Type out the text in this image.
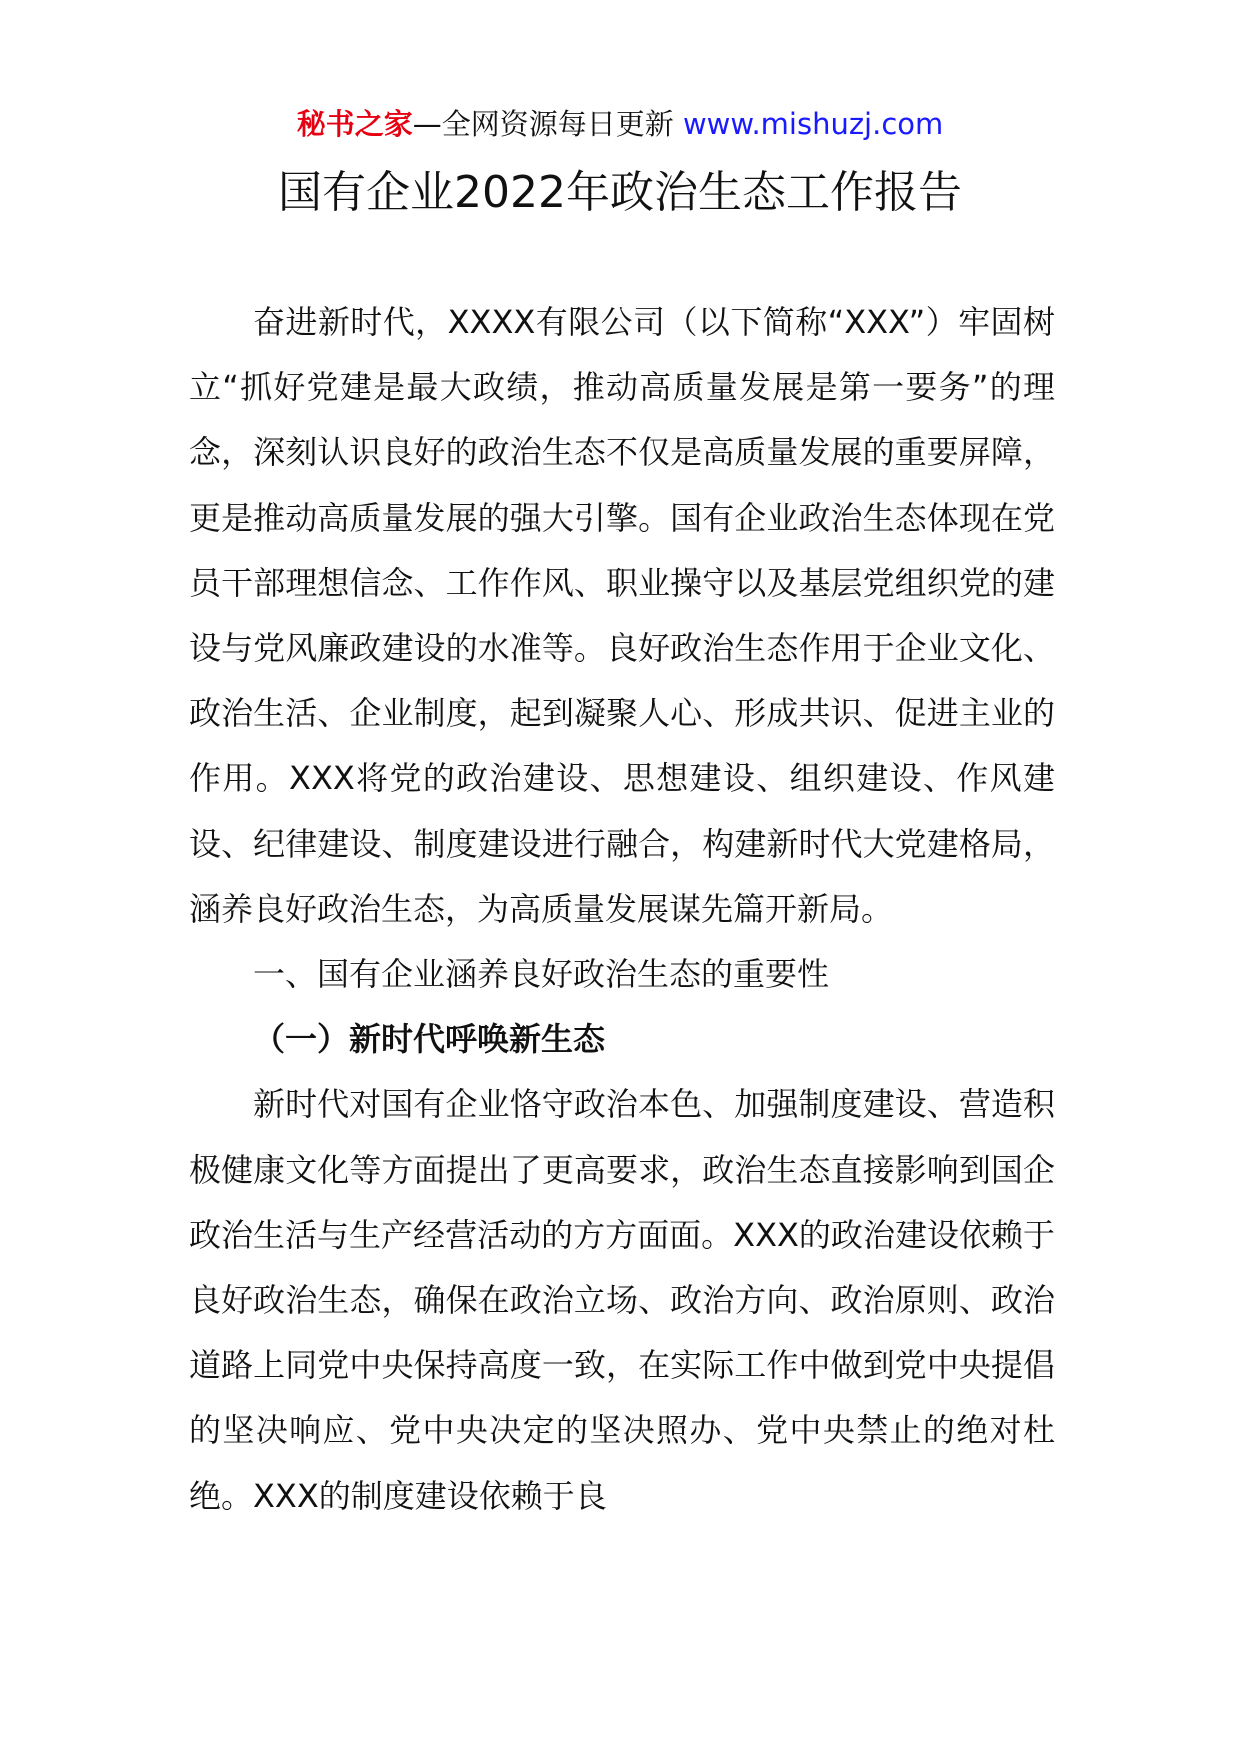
秘书之家—全网资源每日更新 www.mishuzj.com
国有企业2022年政治生态工作报告

奋进新时代，XXXX有限公司（以下简称“XXX”）牢固树立“抓好党建是最大政绩，推动高质量发展是第一要务”的理念，深刻认识良好的政治生态不仅是高质量发展的重要屏障，更是推动高质量发展的强大引擎。国有企业政治生态体现在党员干部理想信念、工作作风、职业操守以及基层党组织党的建设与党风廉政建设的水准等。良好政治生态作用于企业文化、政治生活、企业制度，起到凝聚人心、形成共识、促进主业的作用。XXX将党的政治建设、思想建设、组织建设、作风建设、纪律建设、制度建设进行融合，构建新时代大党建格局，涵养良好政治生态，为高质量发展谋先篇开新局。

一、国有企业涵养良好政治生态的重要性

（一）新时代呼唤新生态

新时代对国有企业恪守政治本色、加强制度建设、营造积极健康文化等方面提出了更高要求，政治生态直接影响到国企政治生活与生产经营活动的方方面面。XXX的政治建设依赖于良好政治生态，确保在政治立场、政治方向、政治原则、政治道路上同党中央保持高度一致，在实际工作中做到党中央提倡的坚决响应、党中央决定的坚决照办、党中央禁止的绝对杜绝。XXX的制度建设依赖于良
